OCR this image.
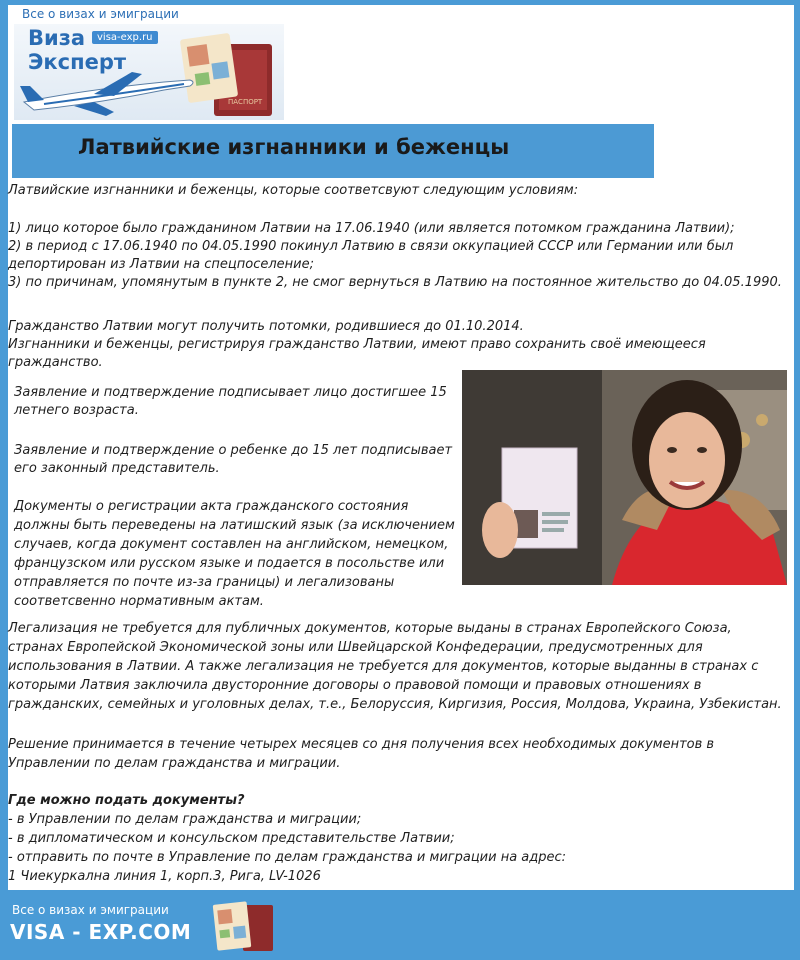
Все о визах и эмиграции
ПАСПОРТ
Виза
Эксперт
visa-exp.ru
Латвийские изгнанники и беженцы
Латвийские изгнанники и беженцы, которые соответсвуют следующим условиям:
1) лицо которое было гражданином Латвии на 17.06.1940 (или является потомком гражданина Латвии);
2) в период с 17.06.1940 по 04.05.1990 покинул Латвию в связи оккупацией СССР или Германии или был
депортирован из Латвии на спецпоселение;
3) по причинам, упомянутым в пункте 2, не смог вернуться в Латвию на постоянное жительство до 04.05.1990.
Гражданство Латвии могут получить потомки, родившиеся до 01.10.2014.
Изгнанники и беженцы, регистрируя гражданство Латвии, имеют право сохранить своё имеющееся
гражданство.
Заявление и подтверждение подписывает лицо достигшее 15
летнего возраста.
Заявление и подтверждение о ребенке до 15 лет подписывает
его законный представитель.
Документы о регистрации акта гражданского состояния
должны быть переведены на латишский язык (за исключением
случаев, когда документ составлен на английском, немецком,
французском или русском языке и подается в посольстве или
отправляется по почте из-за границы) и легализованы
соответсвенно нормативным актам.
Легализация не требуется для публичных документов, которые выданы в странах Европейского Союза,
странах Европейской Экономической зоны или Швейцарской Конфедерации, предусмотренных для
использования в Латвии. А также легализация не требуется для документов, которые выданны в странах с
которыми Латвия заключила двусторонние договоры о правовой помощи и правовых отношениях в
гражданских, семейных и уголовных делах, т.е., Белоруссия, Киргизия, Россия, Молдова, Украина, Узбекистан.
Решение принимается в течение четырех месяцев со дня получения всех необходимых документов в
Управлении по делам гражданства и миграции.
Где можно подать документы?
- в Управлении по делам гражданства и миграции;
- в дипломатическом и консульском представительстве Латвии;
- отправить по почте в Управление по делам гражданства и миграции на адрес:
1 Чиекуркална линия 1, корп.3, Рига, LV-1026
Все о визах и эмиграции
VISA - EXP.COM
